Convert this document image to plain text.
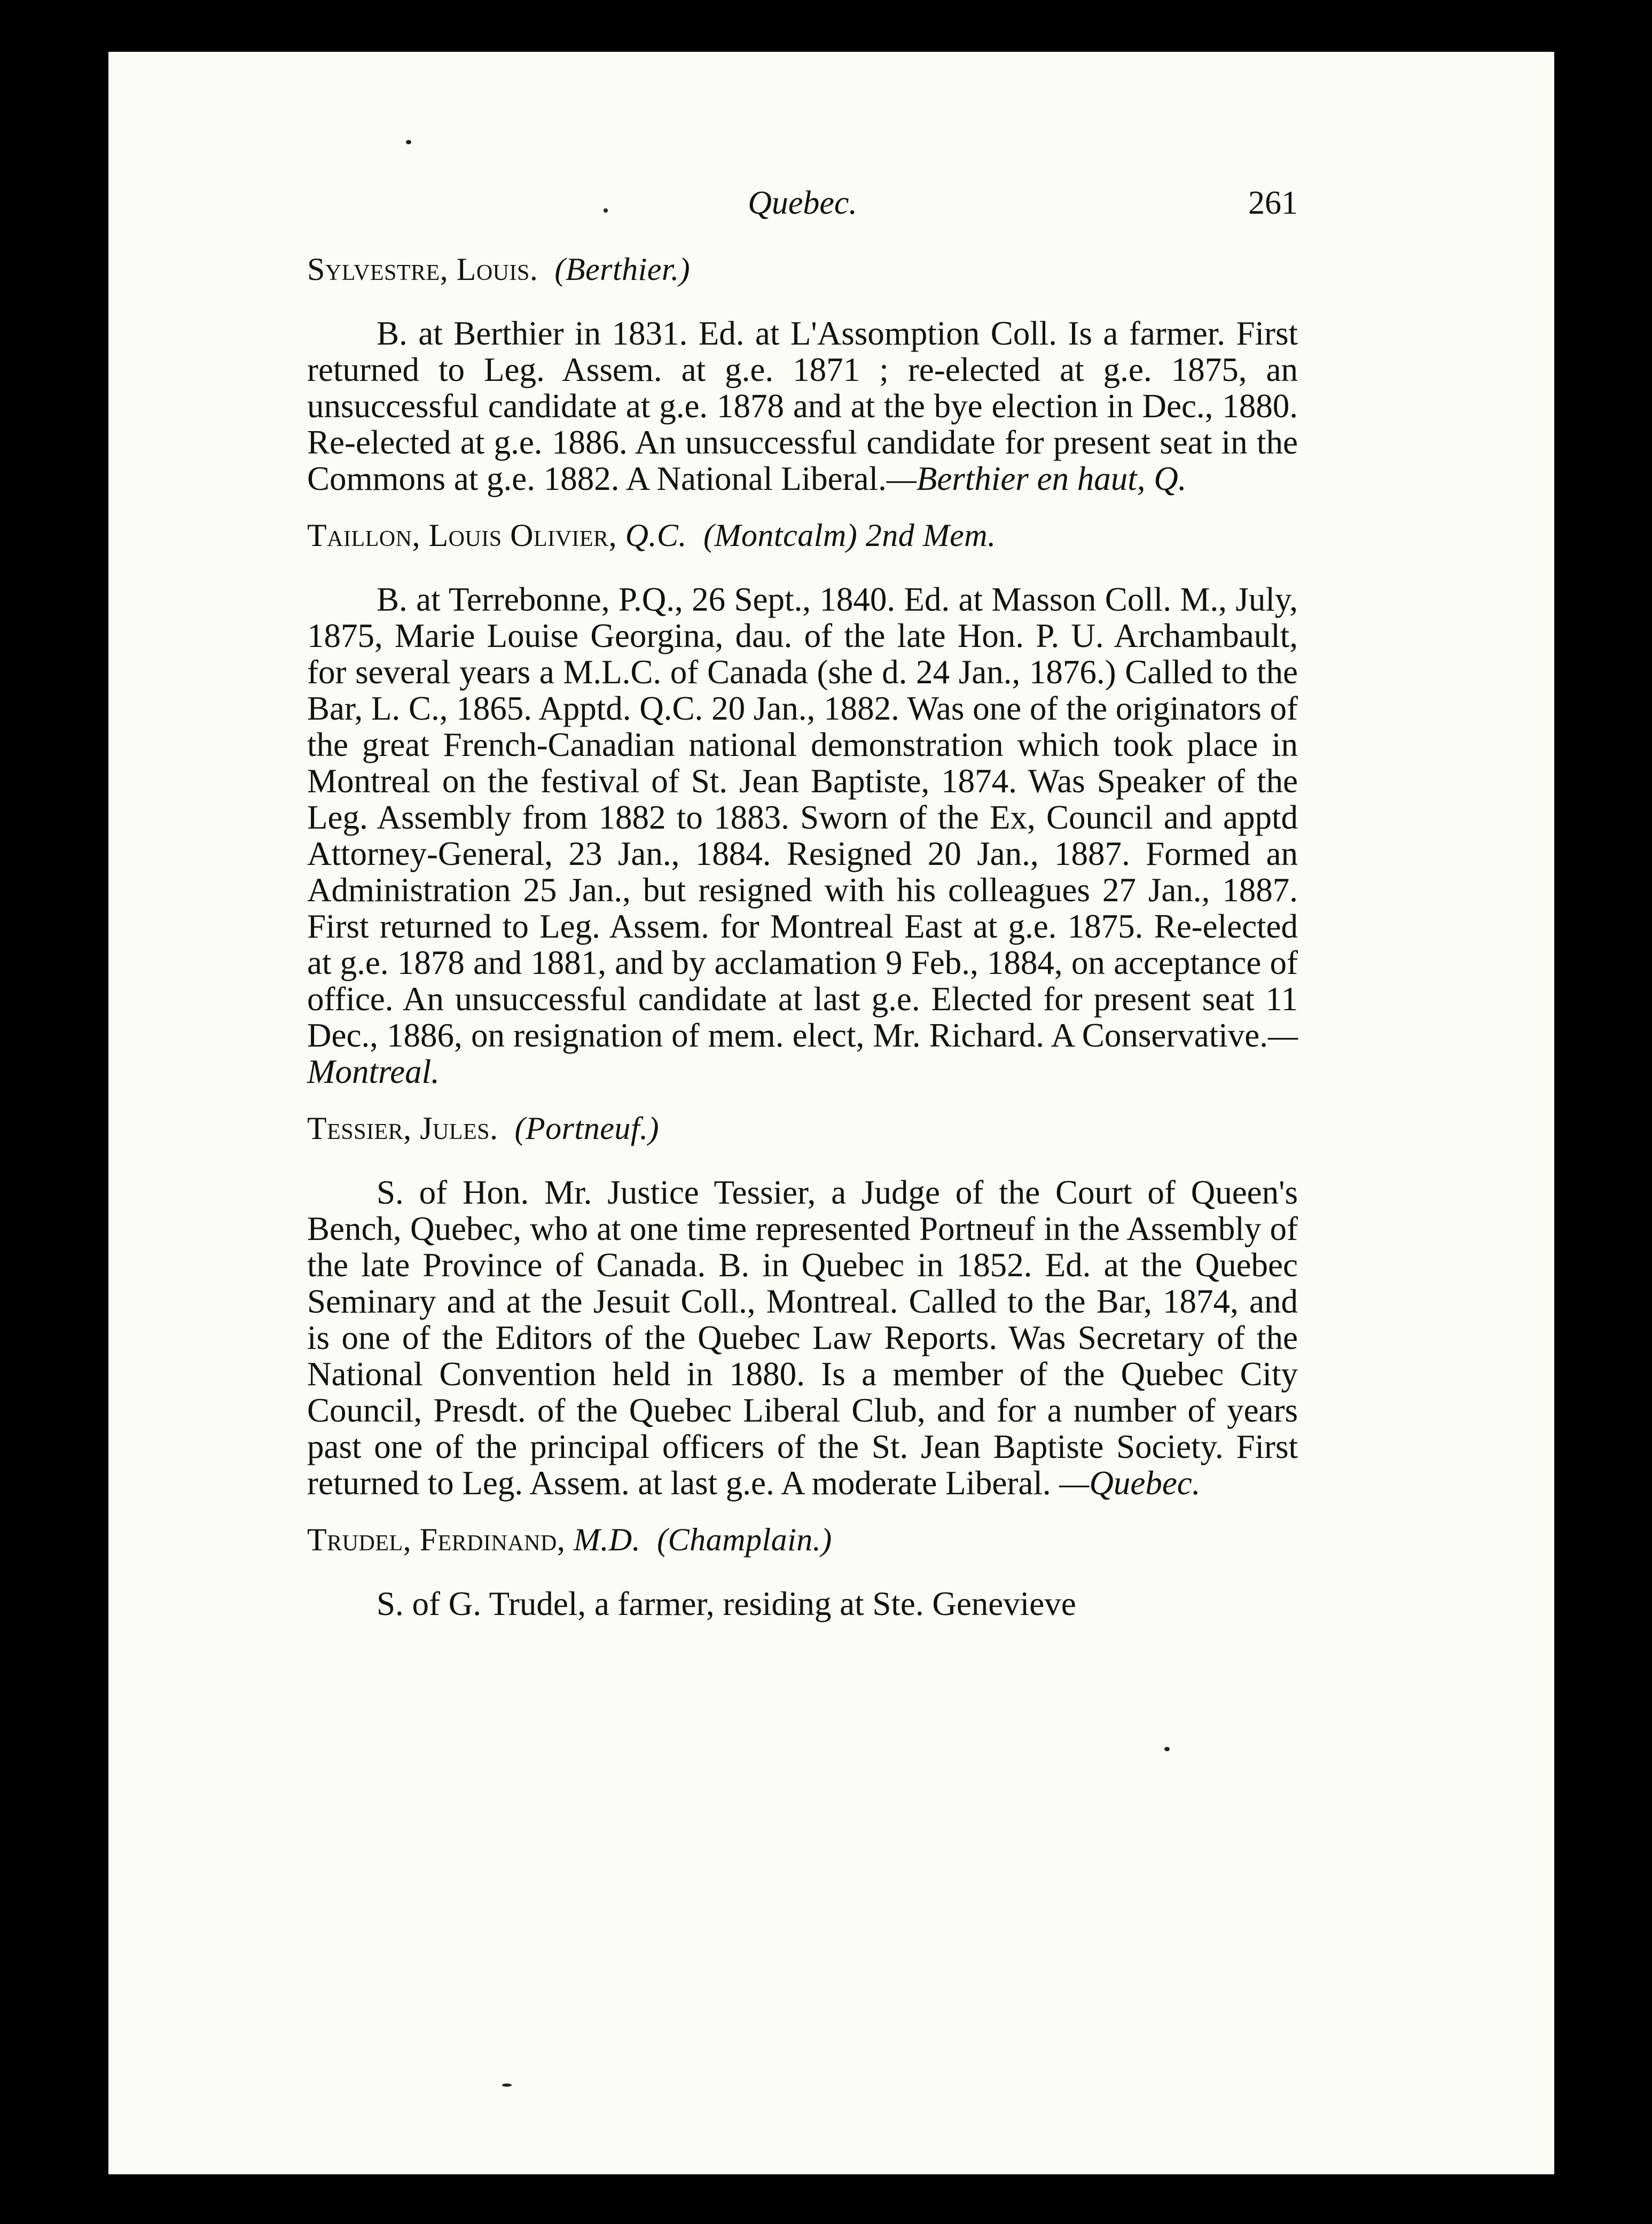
Quebec.	261
Sylvestre, Louis. (Berthier.)
B. at Berthier in 1831. Ed. at L'Assomption Coll. Is a farmer. First returned to Leg. Assem. at g.e. 1871 ; re-elected at g.e. 1875, an unsuccessful candidate at g.e. 1878 and at the bye election in Dec., 1880. Re-elected at g.e. 1886. An unsuccessful candidate for present seat in the Commons at g.e. 1882. A National Liberal.—Berthier en haut, Q.
Taillon, Louis Olivier, Q.C. (Montcalm) 2nd Mem.
B. at Terrebonne, P.Q., 26 Sept., 1840. Ed. at Masson Coll. M., July, 1875, Marie Louise Georgina, dau. of the late Hon. P. U. Archambault, for several years a M.L.C. of Canada (she d. 24 Jan., 1876.) Called to the Bar, L. C., 1865. Apptd. Q.C. 20 Jan., 1882. Was one of the originators of the great French-Canadian national demonstration which took place in Montreal on the festival of St. Jean Baptiste, 1874. Was Speaker of the Leg. Assembly from 1882 to 1883. Sworn of the Ex, Council and apptd Attorney-General, 23 Jan., 1884. Resigned 20 Jan., 1887. Formed an Administration 25 Jan., but resigned with his colleagues 27 Jan., 1887. First returned to Leg. Assem. for Montreal East at g.e. 1875. Re-elected at g.e. 1878 and 1881, and by acclamation 9 Feb., 1884, on acceptance of office. An unsuccessful candidate at last g.e. Elected for present seat 11 Dec., 1886, on resignation of mem. elect, Mr. Richard. A Conservative.—Montreal.
Tessier, Jules. (Portneuf.)
S. of Hon. Mr. Justice Tessier, a Judge of the Court of Queen's Bench, Quebec, who at one time represented Portneuf in the Assembly of the late Province of Canada. B. in Quebec in 1852. Ed. at the Quebec Seminary and at the Jesuit Coll., Montreal. Called to the Bar, 1874, and is one of the Editors of the Quebec Law Reports. Was Secretary of the National Convention held in 1880. Is a member of the Quebec City Council, Presdt. of the Quebec Liberal Club, and for a number of years past one of the principal officers of the St. Jean Baptiste Society. First returned to Leg. Assem. at last g.e. A moderate Liberal. —Quebec.
Trudel, Ferdinand, M.D. (Champlain.)
S. of G. Trudel, a farmer, residing at Ste. Genevieve
